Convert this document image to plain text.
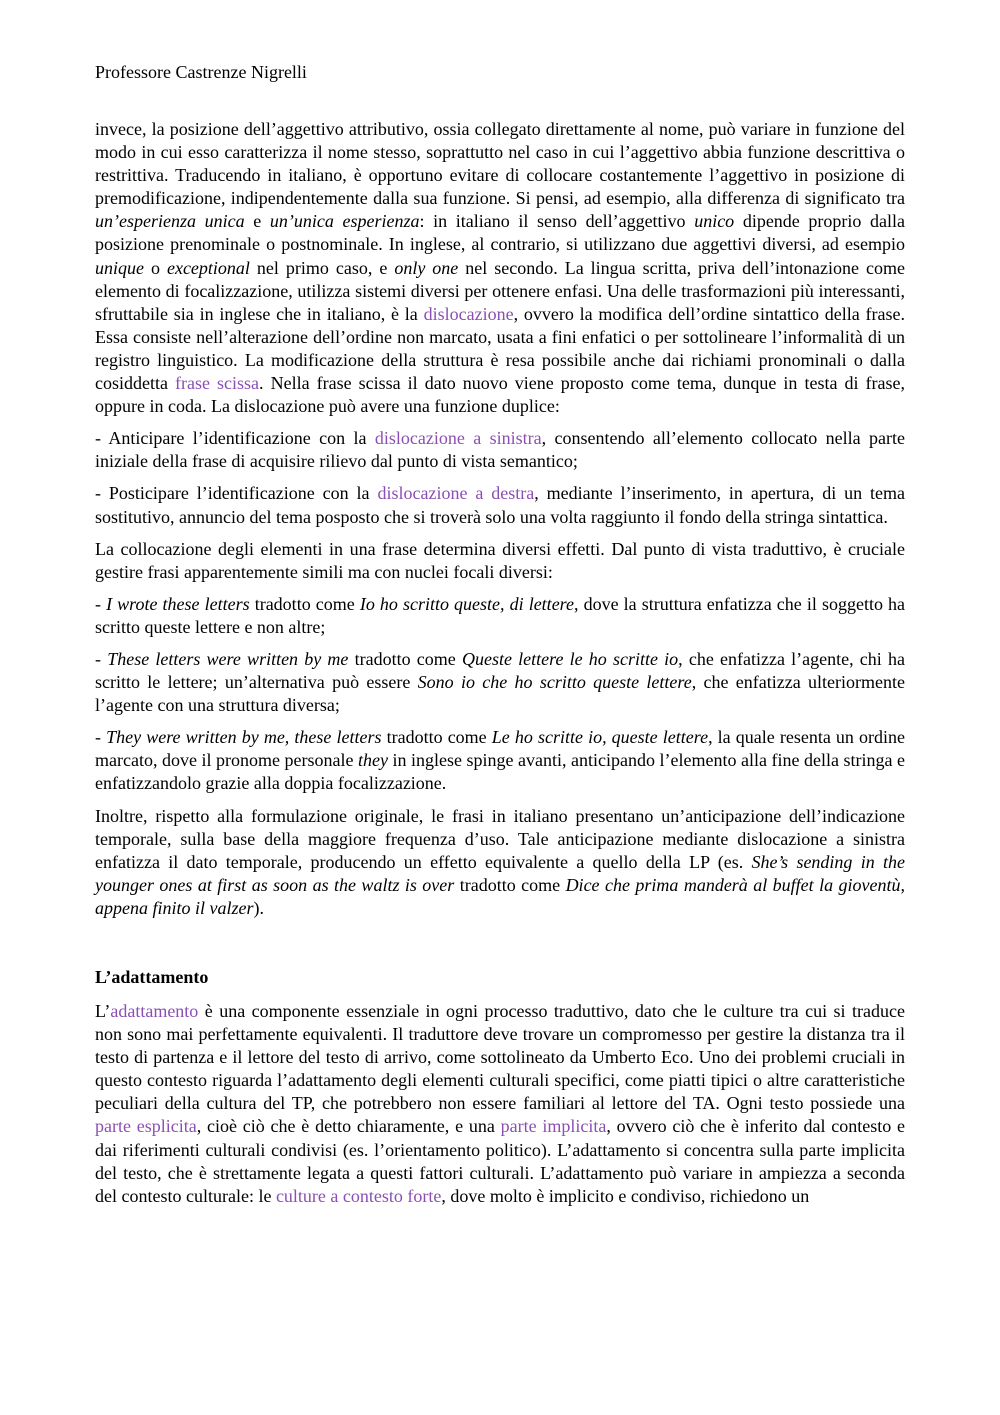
Professore Castrenze Nigrelli

invece, la posizione dell’aggettivo attributivo, ossia collegato direttamente al nome, può variare in funzione del modo in cui esso caratterizza il nome stesso, soprattutto nel caso in cui l’aggettivo abbia funzione descrittiva o restrittiva. Traducendo in italiano, è opportuno evitare di collocare costantemente l’aggettivo in posizione di premodificazione, indipendentemente dalla sua funzione. Si pensi, ad esempio, alla differenza di significato tra un’esperienza unica e un’unica esperienza: in italiano il senso dell’aggettivo unico dipende proprio dalla posizione prenominale o postnominale. In inglese, al contrario, si utilizzano due aggettivi diversi, ad esempio unique o exceptional nel primo caso, e only one nel secondo. La lingua scritta, priva dell’intonazione come elemento di focalizzazione, utilizza sistemi diversi per ottenere enfasi. Una delle trasformazioni più interessanti, sfruttabile sia in inglese che in italiano, è la dislocazione, ovvero la modifica dell’ordine sintattico della frase. Essa consiste nell’alterazione dell’ordine non marcato, usata a fini enfatici o per sottolineare l’informalità di un registro linguistico. La modificazione della struttura è resa possibile anche dai richiami pronominali o dalla cosiddetta frase scissa. Nella frase scissa il dato nuovo viene proposto come tema, dunque in testa di frase, oppure in coda. La dislocazione può avere una funzione duplice:

- Anticipare l’identificazione con la dislocazione a sinistra, consentendo all’elemento collocato nella parte iniziale della frase di acquisire rilievo dal punto di vista semantico;

- Posticipare l’identificazione con la dislocazione a destra, mediante l’inserimento, in apertura, di un tema sostitutivo, annuncio del tema posposto che si troverà solo una volta raggiunto il fondo della stringa sintattica.

La collocazione degli elementi in una frase determina diversi effetti. Dal punto di vista traduttivo, è cruciale gestire frasi apparentemente simili ma con nuclei focali diversi:

- I wrote these letters tradotto come Io ho scritto queste, di lettere, dove la struttura enfatizza che il soggetto ha scritto queste lettere e non altre;

- These letters were written by me tradotto come Queste lettere le ho scritte io, che enfatizza l’agente, chi ha scritto le lettere; un’alternativa può essere Sono io che ho scritto queste lettere, che enfatizza ulteriormente l’agente con una struttura diversa;

- They were written by me, these letters tradotto come Le ho scritte io, queste lettere, la quale resenta un ordine marcato, dove il pronome personale they in inglese spinge avanti, anticipando l’elemento alla fine della stringa e enfatizzandolo grazie alla doppia focalizzazione.

Inoltre, rispetto alla formulazione originale, le frasi in italiano presentano un’anticipazione dell’indicazione temporale, sulla base della maggiore frequenza d’uso. Tale anticipazione mediante dislocazione a sinistra enfatizza il dato temporale, producendo un effetto equivalente a quello della LP (es. She’s sending in the younger ones at first as soon as the waltz is over tradotto come Dice che prima manderà al buffet la gioventù, appena finito il valzer).

L’adattamento

L’adattamento è una componente essenziale in ogni processo traduttivo, dato che le culture tra cui si traduce non sono mai perfettamente equivalenti. Il traduttore deve trovare un compromesso per gestire la distanza tra il testo di partenza e il lettore del testo di arrivo, come sottolineato da Umberto Eco. Uno dei problemi cruciali in questo contesto riguarda l’adattamento degli elementi culturali specifici, come piatti tipici o altre caratteristiche peculiari della cultura del TP, che potrebbero non essere familiari al lettore del TA. Ogni testo possiede una parte esplicita, cioè ciò che è detto chiaramente, e una parte implicita, ovvero ciò che è inferito dal contesto e dai riferimenti culturali condivisi (es. l’orientamento politico). L’adattamento si concentra sulla parte implicita del testo, che è strettamente legata a questi fattori culturali. L’adattamento può variare in ampiezza a seconda del contesto culturale: le culture a contesto forte, dove molto è implicito e condiviso, richiedono un
